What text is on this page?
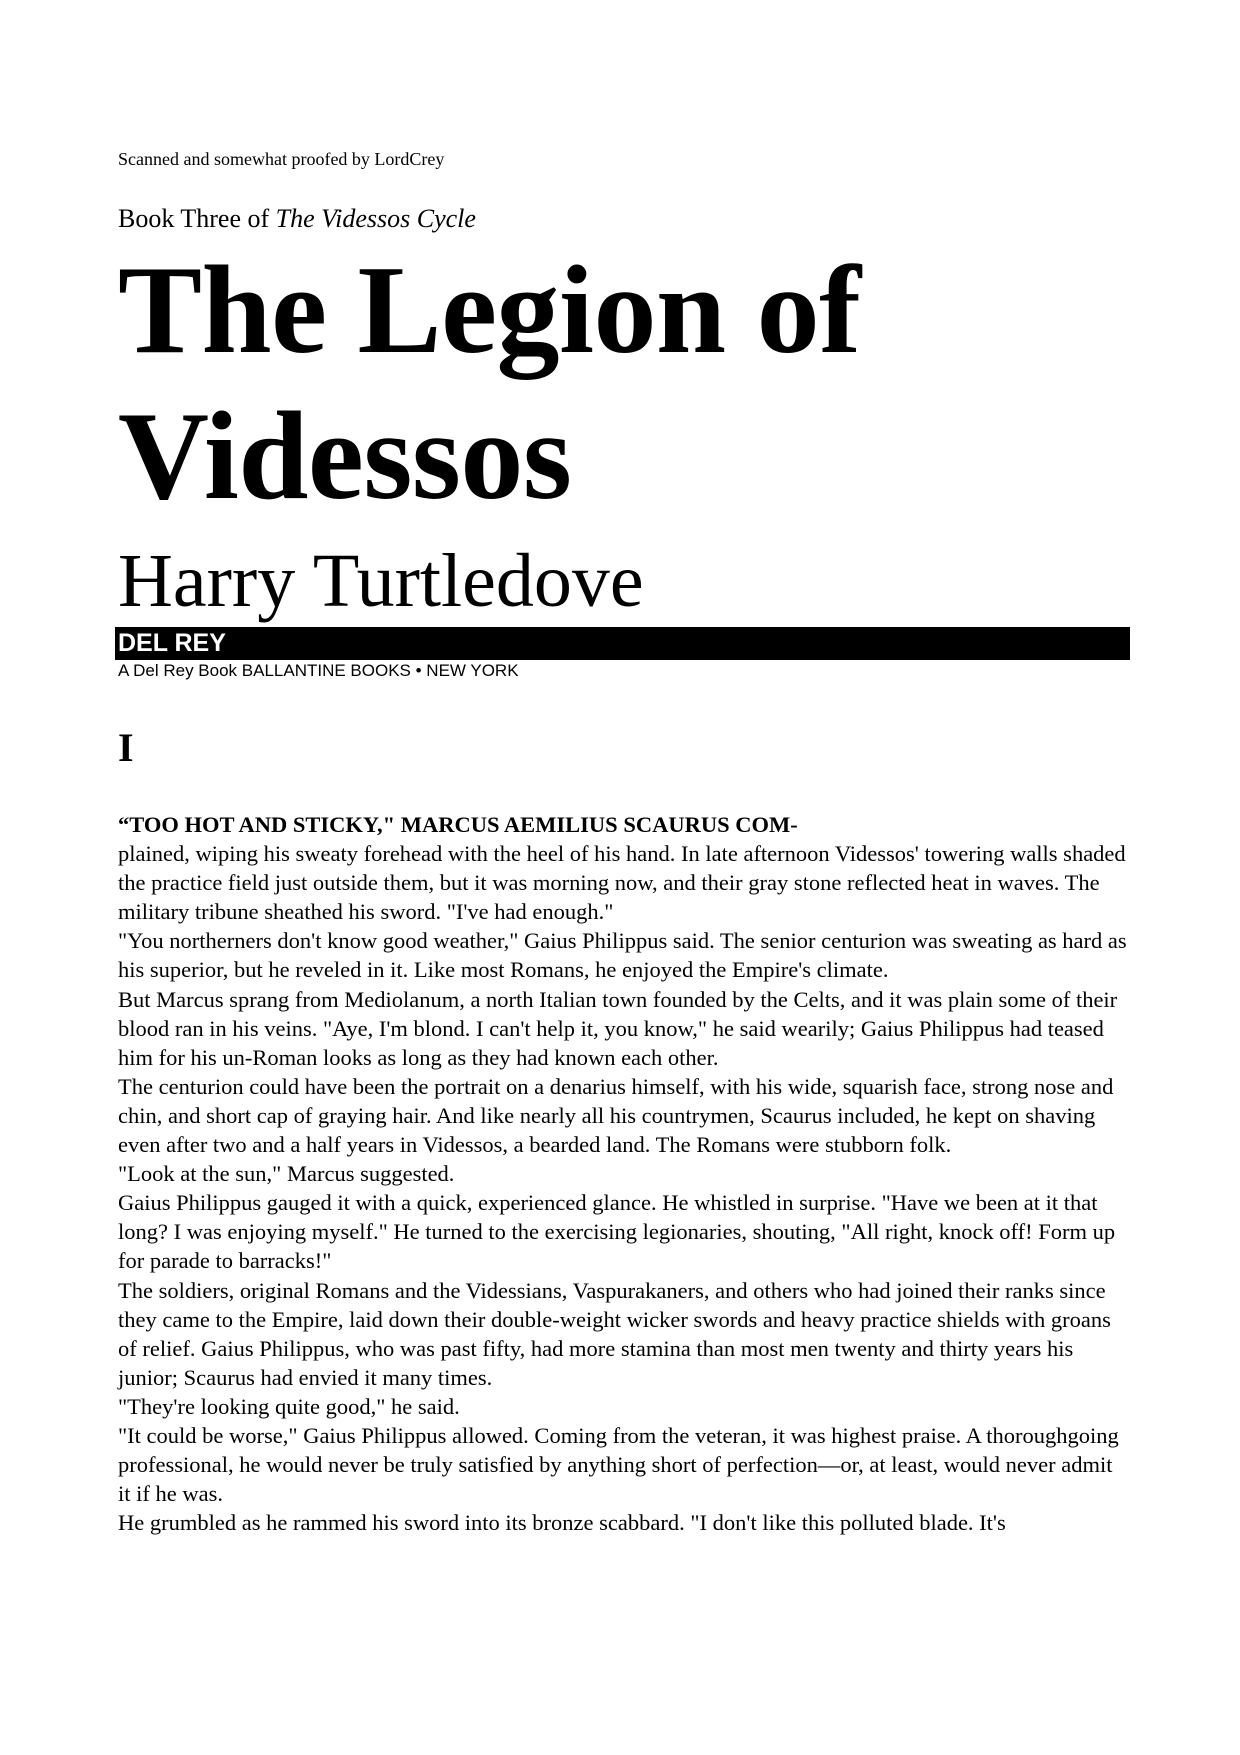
Scanned and somewhat proofed by LordCrey
Book Three of The Videssos Cycle
The Legion of Videssos
Harry Turtledove
DEL REY
A Del Rey Book BALLANTINE BOOKS • NEW YORK
I

“TOO HOT AND STICKY," MARCUS AEMILIUS SCAURUS COM-

plained, wiping his sweaty forehead with the heel of his hand. In late afternoon Videssos' towering walls shaded the practice field just outside them, but it was morning now, and their gray stone reflected heat in waves. The military tribune sheathed his sword. "I've had enough."

"You northerners don't know good weather," Gaius Philippus said. The senior centurion was sweating as hard as his superior, but he reveled in it. Like most Romans, he enjoyed the Empire's climate.

But Marcus sprang from Mediolanum, a north Italian town founded by the Celts, and it was plain some of their blood ran in his veins. "Aye, I'm blond. I can't help it, you know," he said wearily; Gaius Philippus had teased him for his un-Roman looks as long as they had known each other.

The centurion could have been the portrait on a denarius himself, with his wide, squarish face, strong nose and chin, and short cap of graying hair. And like nearly all his countrymen, Scaurus included, he kept on shaving even after two and a half years in Videssos, a bearded land. The Romans were stubborn folk.

"Look at the sun," Marcus suggested.

Gaius Philippus gauged it with a quick, experienced glance. He whistled in surprise. "Have we been at it that long? I was enjoying myself." He turned to the exercising legionaries, shouting, "All right, knock off! Form up for parade to barracks!"

The soldiers, original Romans and the Videssians, Vaspurakaners, and others who had joined their ranks since they came to the Empire, laid down their double-weight wicker swords and heavy practice shields with groans of relief. Gaius Philippus, who was past fifty, had more stamina than most men twenty and thirty years his junior; Scaurus had envied it many times.

"They're looking quite good," he said.

"It could be worse," Gaius Philippus allowed. Coming from the veteran, it was highest praise. A thoroughgoing professional, he would never be truly satisfied by anything short of perfection—or, at least, would never admit it if he was.

He grumbled as he rammed his sword into its bronze scabbard. "I don't like this polluted blade. It's
